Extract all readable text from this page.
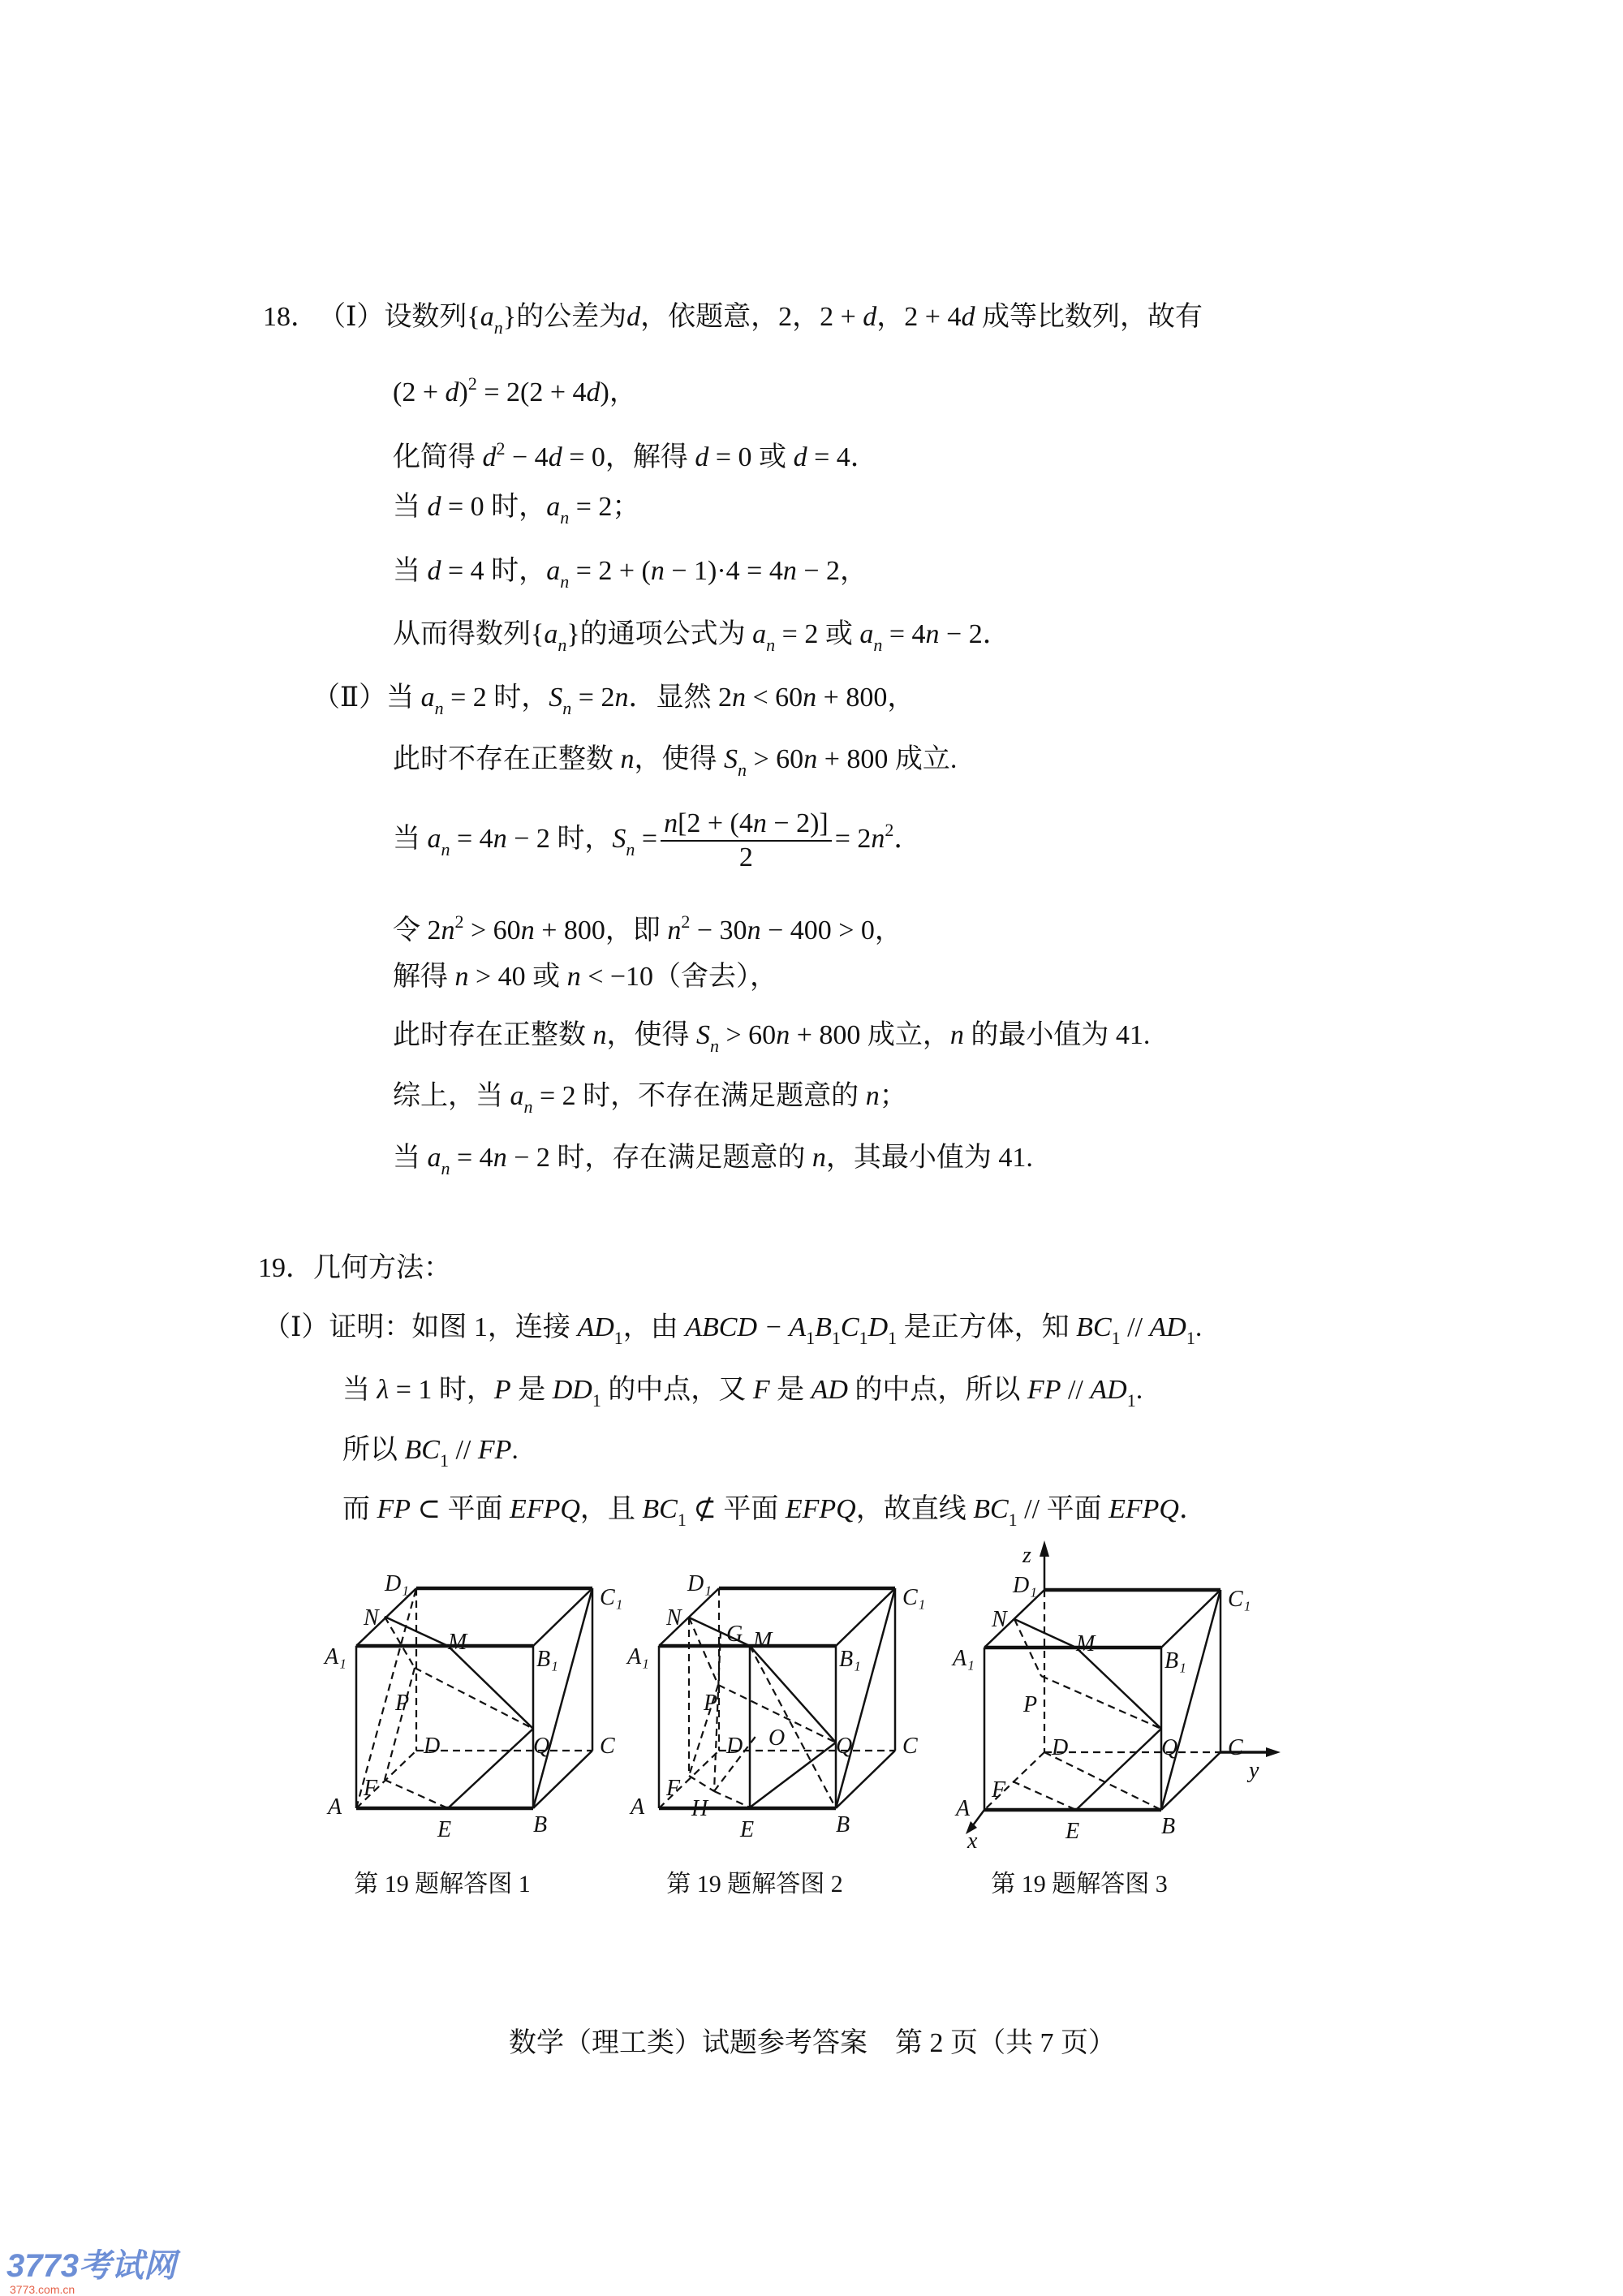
18．（Ⅰ）设数列$\{a_n\}$的公差为d，依题意，2，2 + d，2 + 4d 成等比数列，故有
$(2 + d)^2 = 2(2 + 4d)$，
化简得 $d^2 - 4d = 0$，解得 d = 0 或 d = 4．
当 d = 0 时，$a_n = 2$；
当 d = 4 时，$a_n = 2 + (n - 1)\cdot 4 = 4n - 2$，
从而得数列$\{a_n\}$的通项公式为 $a_n = 2$ 或 $a_n = 4n - 2$．
（Ⅱ）当 $a_n = 2$ 时，$S_n = 2n$．显然 2n < 60n + 800，
此时不存在正整数 n，使得 $S_n > 60n + 800$ 成立.
当 $a_n = 4n - 2$ 时，$S_n = \frac{n[2 + (4n - 2)]}{2} = 2n^2$．
令 $2n^2 > 60n + 800$，即 $n^2 - 30n - 400 > 0$，
解得 n > 40 或 n < −10（舍去），
此时存在正整数 n，使得 $S_n > 60n + 800$ 成立，n 的最小值为 41.
综上，当 $a_n = 2$ 时，不存在满足题意的 n；
当 $a_n = 4n - 2$ 时，存在满足题意的 n，其最小值为 41.
19．几何方法：
（Ⅰ）证明：如图 1，连接 $AD_1$，由 ABCD − $A_1B_1C_1D_1$ 是正方体，知 $BC_1 // AD_1$.
当 λ = 1 时，P 是 $DD_1$ 的中点，又 F 是 AD 的中点，所以 FP // $AD_1$.
所以 $BC_1$ // FP.
而 FP ⊂ 平面 EFPQ，且 $BC_1$ ⊄ 平面 EFPQ，故直线 $BC_1$ // 平面 EFPQ．
D₁
C₁
N
M
A₁	B₁
P
D	Q C
F
A
E	B
D₁
C₁
N
G M
A₁	B₁
P
O
D	Q C
F
H
A
E	B
z
D₁
C₁
N
M
A₁	B₁
P
D	Q C
y
F
A
E	B
x
第 19 题解答图 1	第 19 题解答图 2	第 19 题解答图 3
数学（理工类）试题参考答案　第 2 页（共 7 页）
3773考试网
3773.com.cn
